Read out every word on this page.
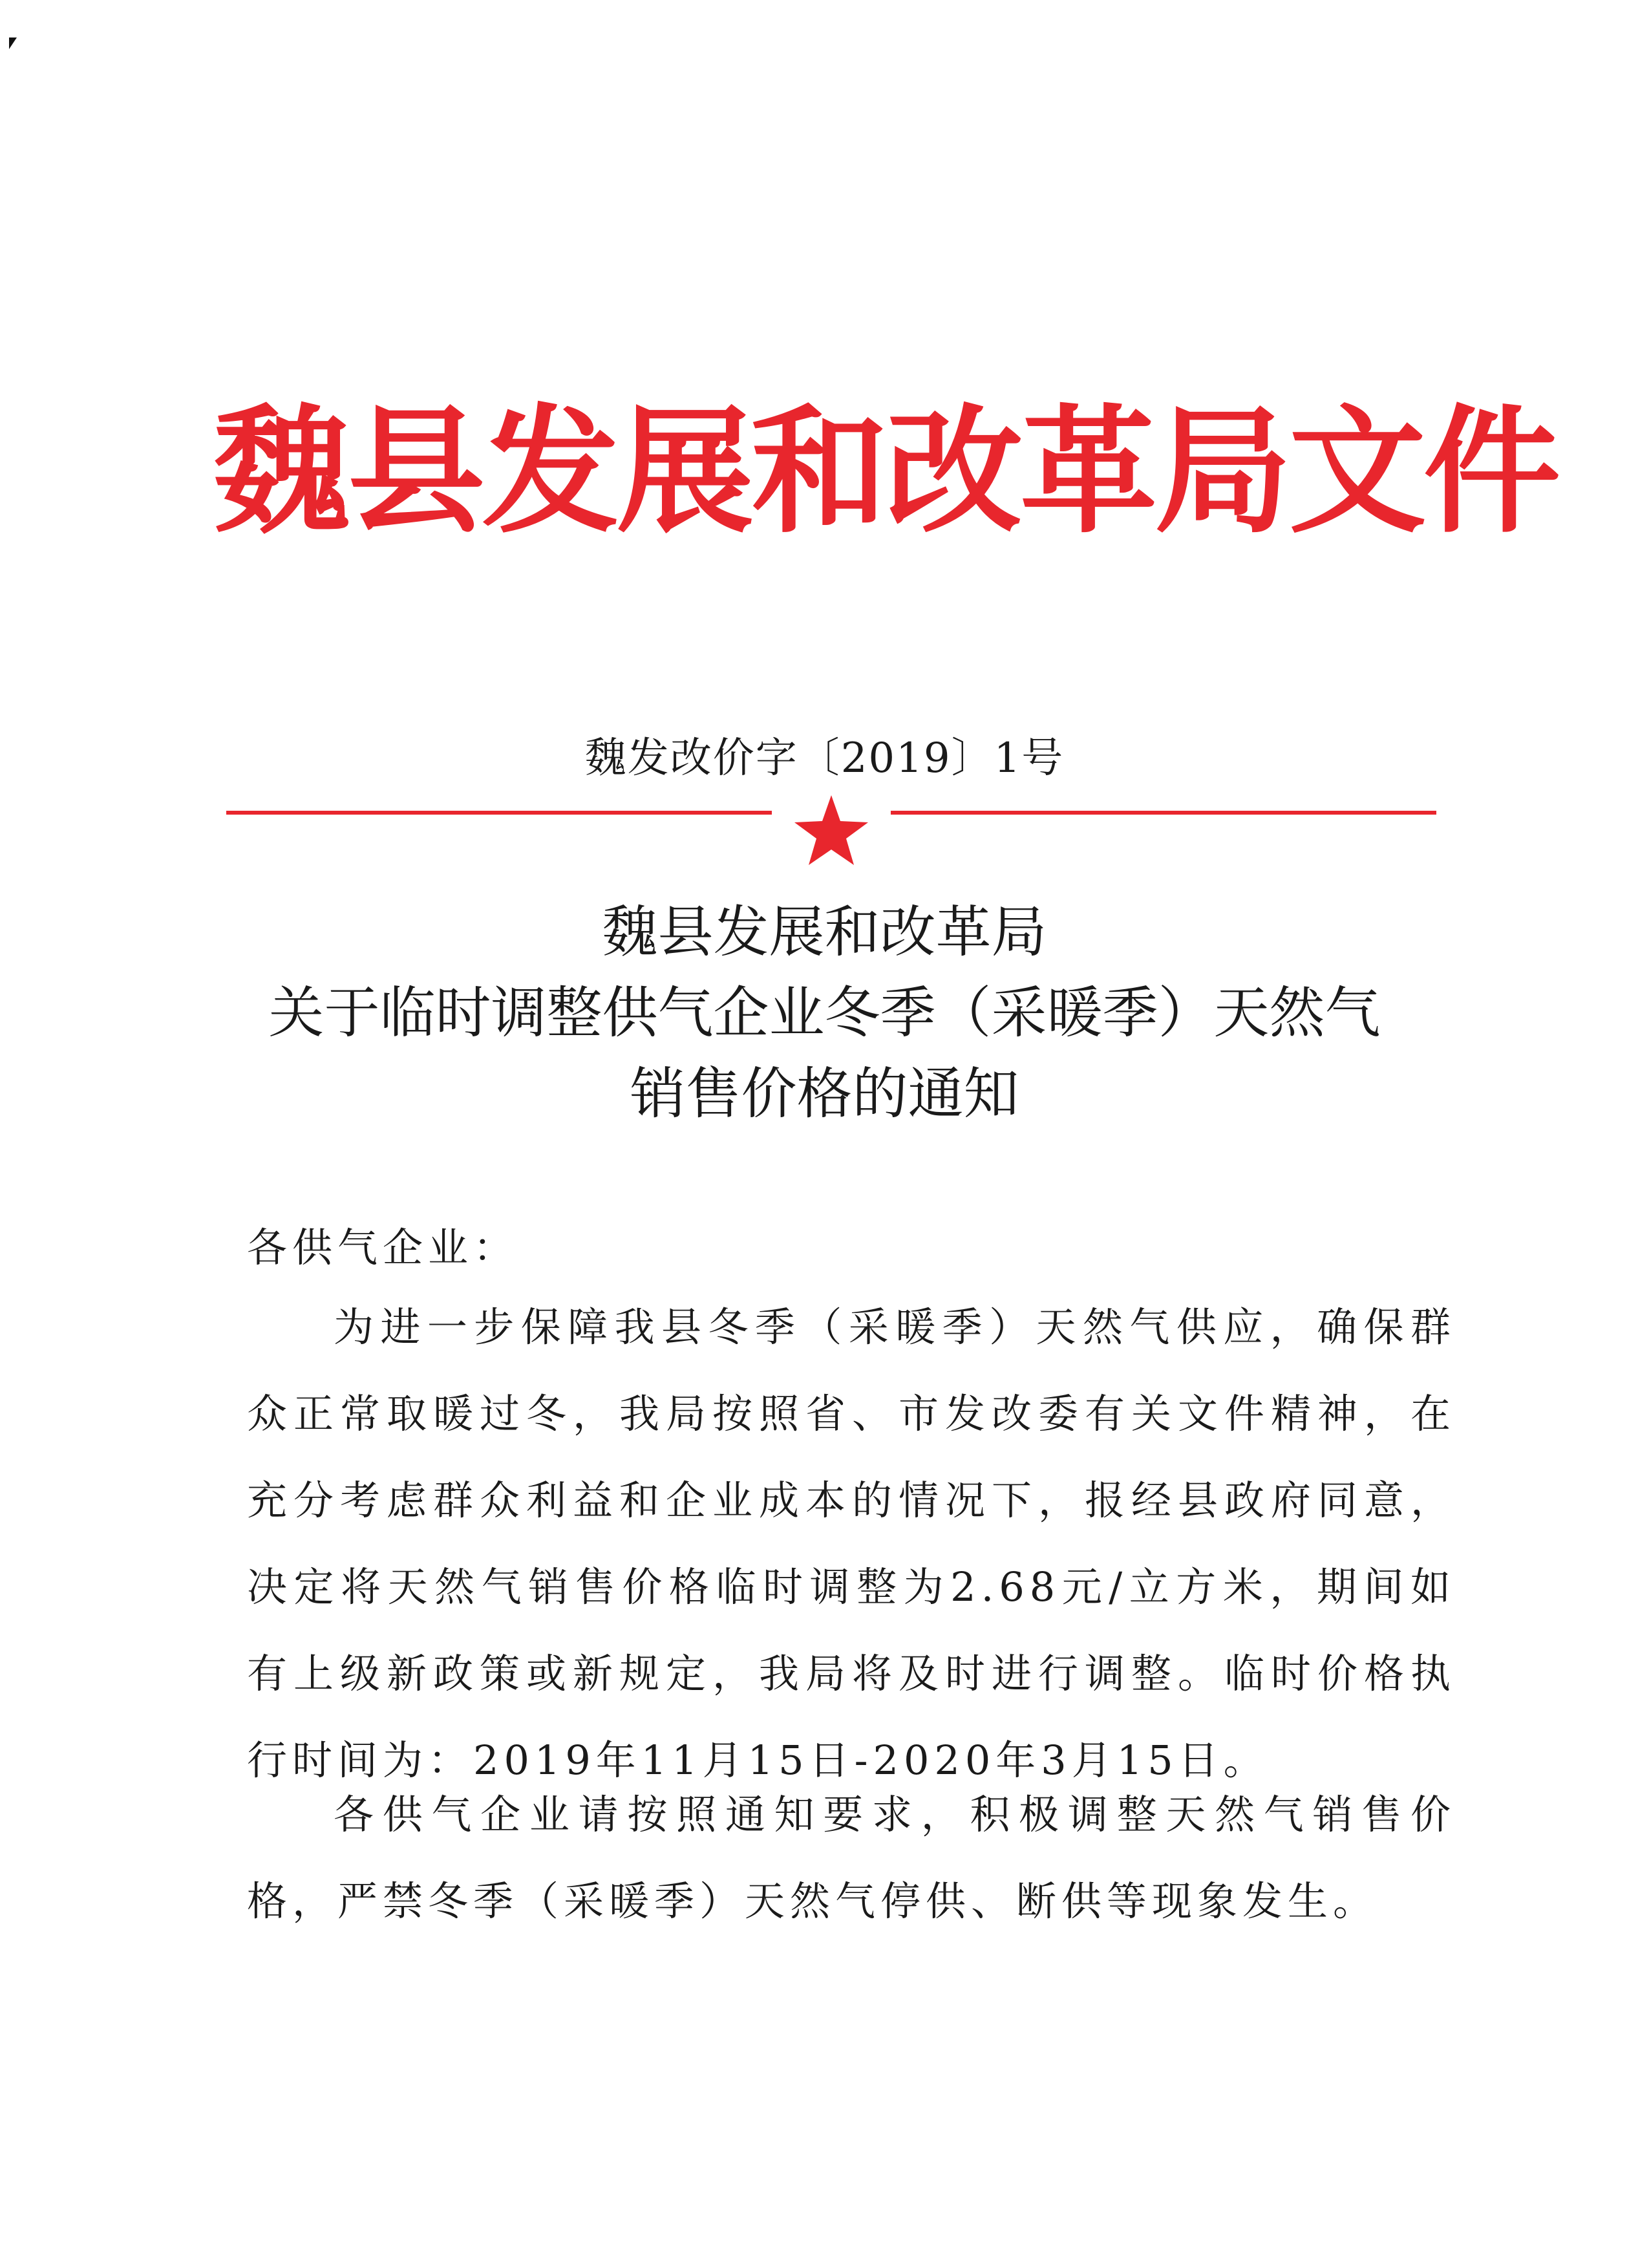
魏县发展和改革局文件
魏发改价字〔2019〕1号
魏县发展和改革局
关于临时调整供气企业冬季（采暖季）天然气
销售价格的通知
各供气企业：

为进一步保障我县冬季（采暖季）天然气供应，确保群众正常取暖过冬，我局按照省、市发改委有关文件精神，在充分考虑群众利益和企业成本的情况下，报经县政府同意，决定将天然气销售价格临时调整为2.68元/立方米，期间如有上级新政策或新规定，我局将及时进行调整。临时价格执行时间为：2019年11月15日-2020年3月15日。

各供气企业请按照通知要求，积极调整天然气销售价格，严禁冬季（采暖季）天然气停供、断供等现象发生。
